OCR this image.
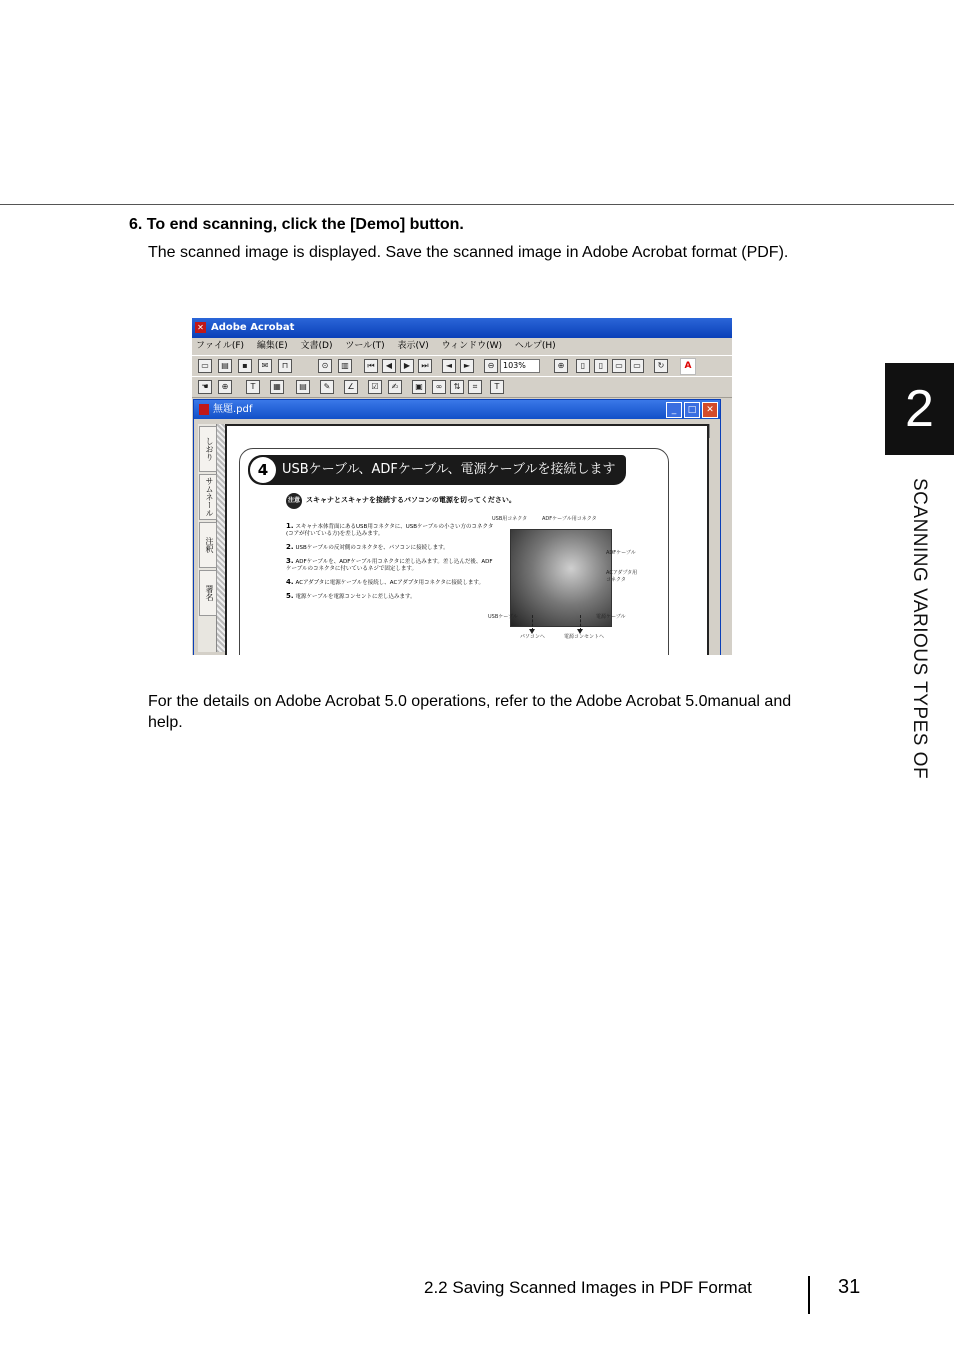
6. To end scanning, click the [Demo] button.
The scanned image is displayed. Save the scanned image in Adobe Acrobat format (PDF).
✕ Adobe Acrobat
ファイル(F) 編集(E) 文書(D) ツール(T) 表示(V) ウィンドウ(W) ヘルプ(H)
▭	▤	▪	✉	⊓	⊙	▥	⏮	◀	▶	⏭	◄	►	⊖	103%	⊕	▯	▯	▭	▭	↻	A
☚	⊕	T	▦	▤	✎	∠	☑	✍	▣	∞	⇅	⌗	T
無題.pdf	_ □ ✕
しおり
サムネール
注釈
署名
4 USBケーブル、ADFケーブル、電源ケーブルを接続します
注意 スキャナとスキャナを接続するパソコンの電源を切ってください。
1. スキャナ本体背面にあるUSB用コネクタに、USBケーブルの小さい方のコネクタ(コアが付いている方)を差し込みます。
2. USBケーブルの反対側のコネクタを、パソコンに接続します。
3. ADFケーブルを、ADFケーブル用コネクタに差し込みます。差し込んだ後、ADFケーブルのコネクタに付いているネジで固定します。
4. ACアダプタに電源ケーブルを接続し、ACアダプタ用コネクタに接続します。
5. 電源ケーブルを電源コンセントに差し込みます。
USB用コネクタ	ADFケーブル用コネクタ
ADFケーブル
ACアダプタ用コネクタ
USBケーブル	電源ケーブル
パソコンへ	電源コンセントへ
For the details on Adobe Acrobat 5.0 operations, refer to the Adobe Acrobat 5.0manual and help.
2
SCANNING VARIOUS TYPES OF
2.2 Saving Scanned Images in PDF Format	31
